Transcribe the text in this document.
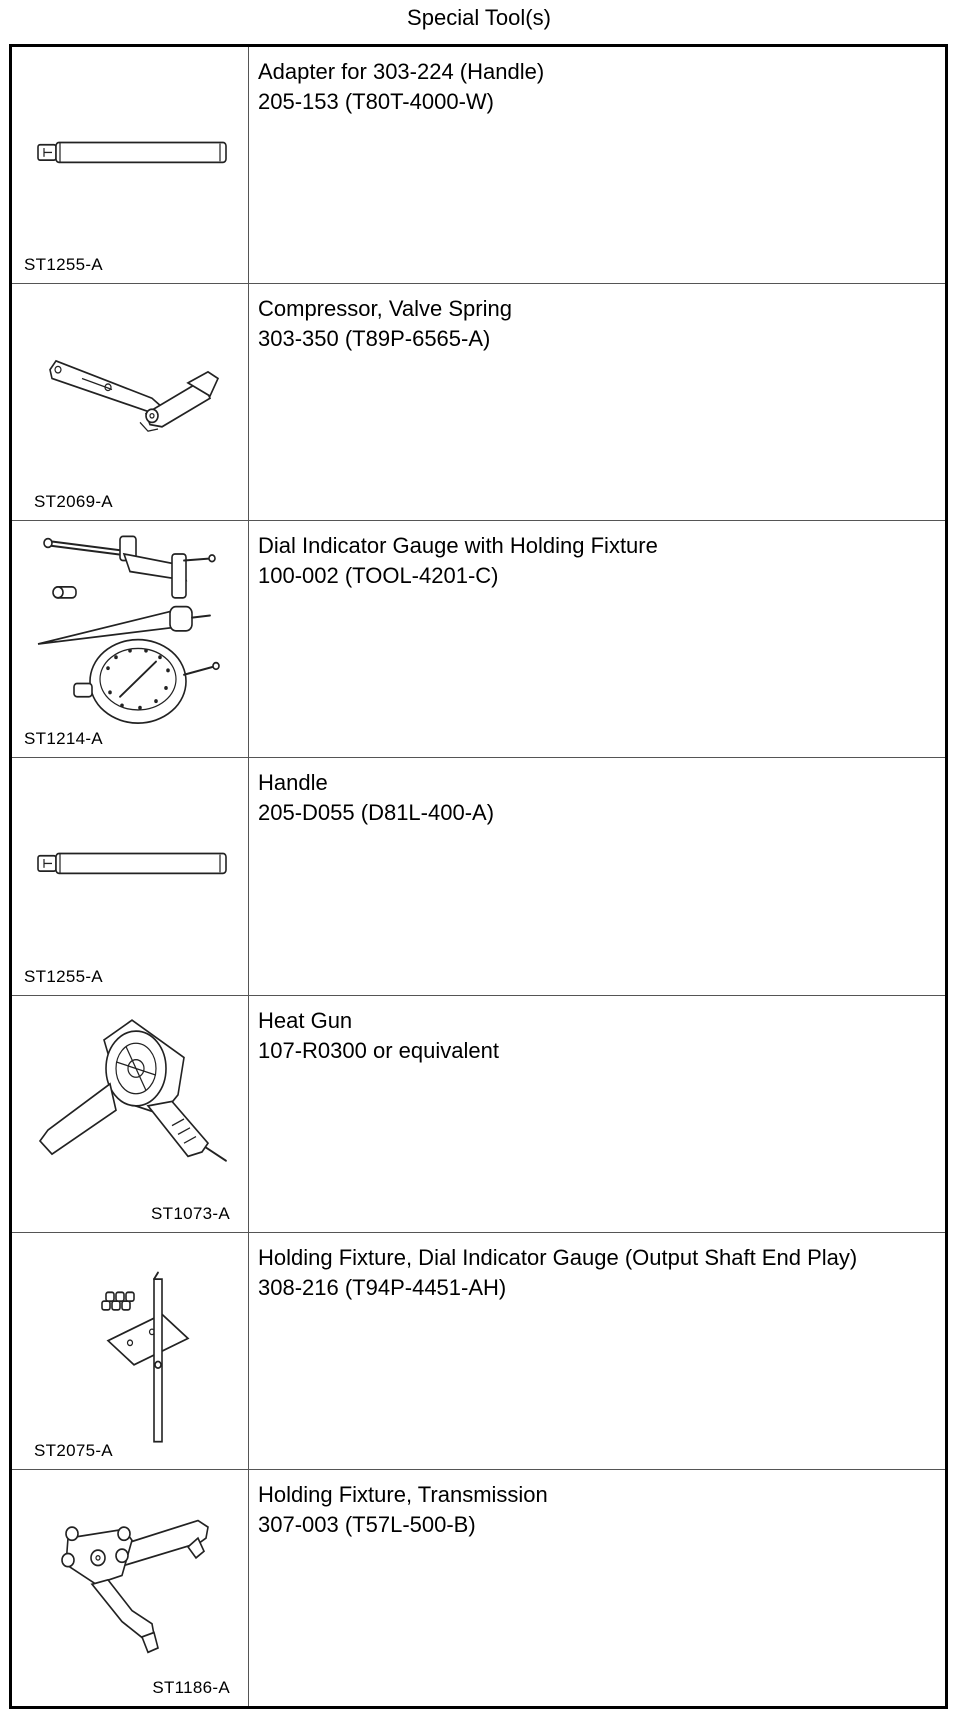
Special Tool(s)
ST1255-A
Adapter for 303-224 (Handle)
205-153 (T80T-4000-W)
ST2069-A
Compressor, Valve Spring
303-350 (T89P-6565-A)
ST1214-A
Dial Indicator Gauge with Holding Fixture
100-002 (TOOL-4201-C)
ST1255-A
Handle
205-D055 (D81L-400-A)
ST1073-A
Heat Gun
107-R0300 or equivalent
ST2075-A
Holding Fixture, Dial Indicator Gauge (Output Shaft End Play)
308-216 (T94P-4451-AH)
ST1186-A
Holding Fixture, Transmission
307-003 (T57L-500-B)
